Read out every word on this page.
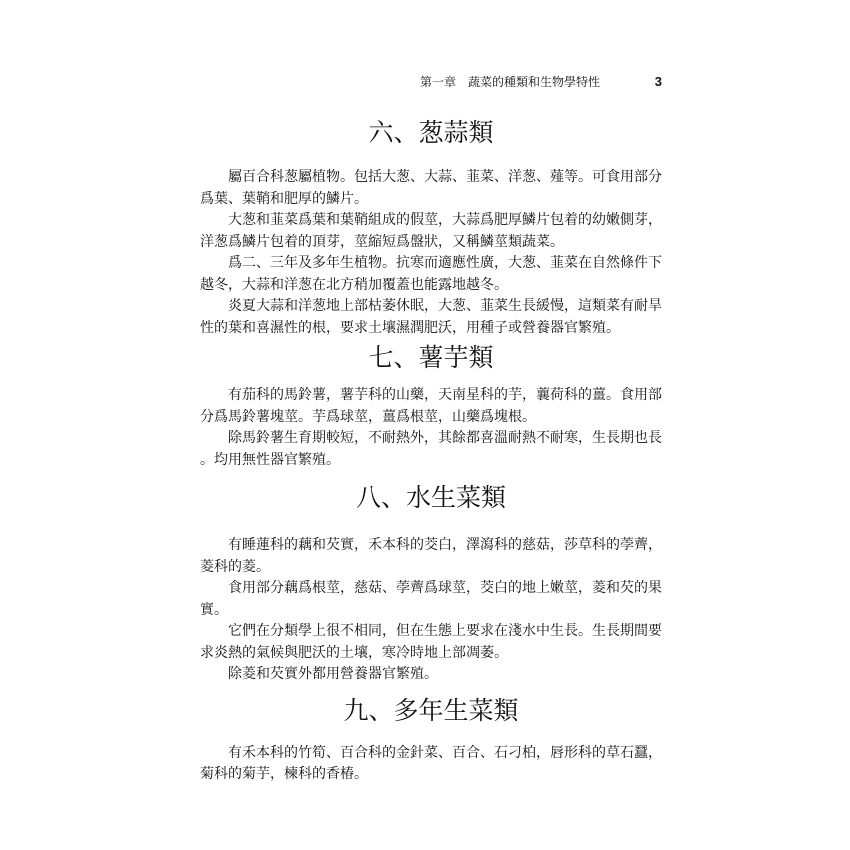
第一章　蔬菜的種類和生物學特性	3
六、葱蒜類
屬百合科葱屬植物。包括大葱、大蒜、韮菜、洋葱、薤等。可食用部分
爲葉、葉鞘和肥厚的鱗片。
大葱和韮菜爲葉和葉鞘組成的假莖，大蒜爲肥厚鱗片包着的幼嫩側芽，
洋葱爲鱗片包着的頂芽，莖縮短爲盤狀，又稱鱗莖類蔬菜。
爲二、三年及多年生植物。抗寒而適應性廣，大葱、韮菜在自然條件下
越冬，大蒜和洋葱在北方稍加覆蓋也能露地越冬。
炎夏大蒜和洋葱地上部枯萎休眠，大葱、韮菜生長緩慢，這類菜有耐旱
性的葉和喜濕性的根，要求土壤濕潤肥沃，用種子或營養器官繁殖。
七、薯芋類
有茄科的馬鈴薯，薯芋科的山藥，天南星科的芋，蘘荷科的薑。食用部
分爲馬鈴薯塊莖。芋爲球莖，薑爲根莖，山藥爲塊根。
除馬鈴薯生育期較短，不耐熱外，其餘都喜溫耐熱不耐寒，生長期也長
。均用無性器官繁殖。
八、水生菜類
有睡蓮科的藕和芡實，禾本科的茭白，澤瀉科的慈菇，莎草科的荸薺，
菱科的菱。
食用部分藕爲根莖，慈菇、荸薺爲球莖，茭白的地上嫩莖，菱和芡的果
實。
它們在分類學上很不相同，但在生態上要求在淺水中生長。生長期間要
求炎熱的氣候與肥沃的土壤，寒冷時地上部凋萎。
除菱和芡實外都用營養器官繁殖。
九、多年生菜類
有禾本科的竹筍、百合科的金針菜、百合、石刁柏，唇形科的草石蠶，
菊科的菊芋，楝科的香椿。
